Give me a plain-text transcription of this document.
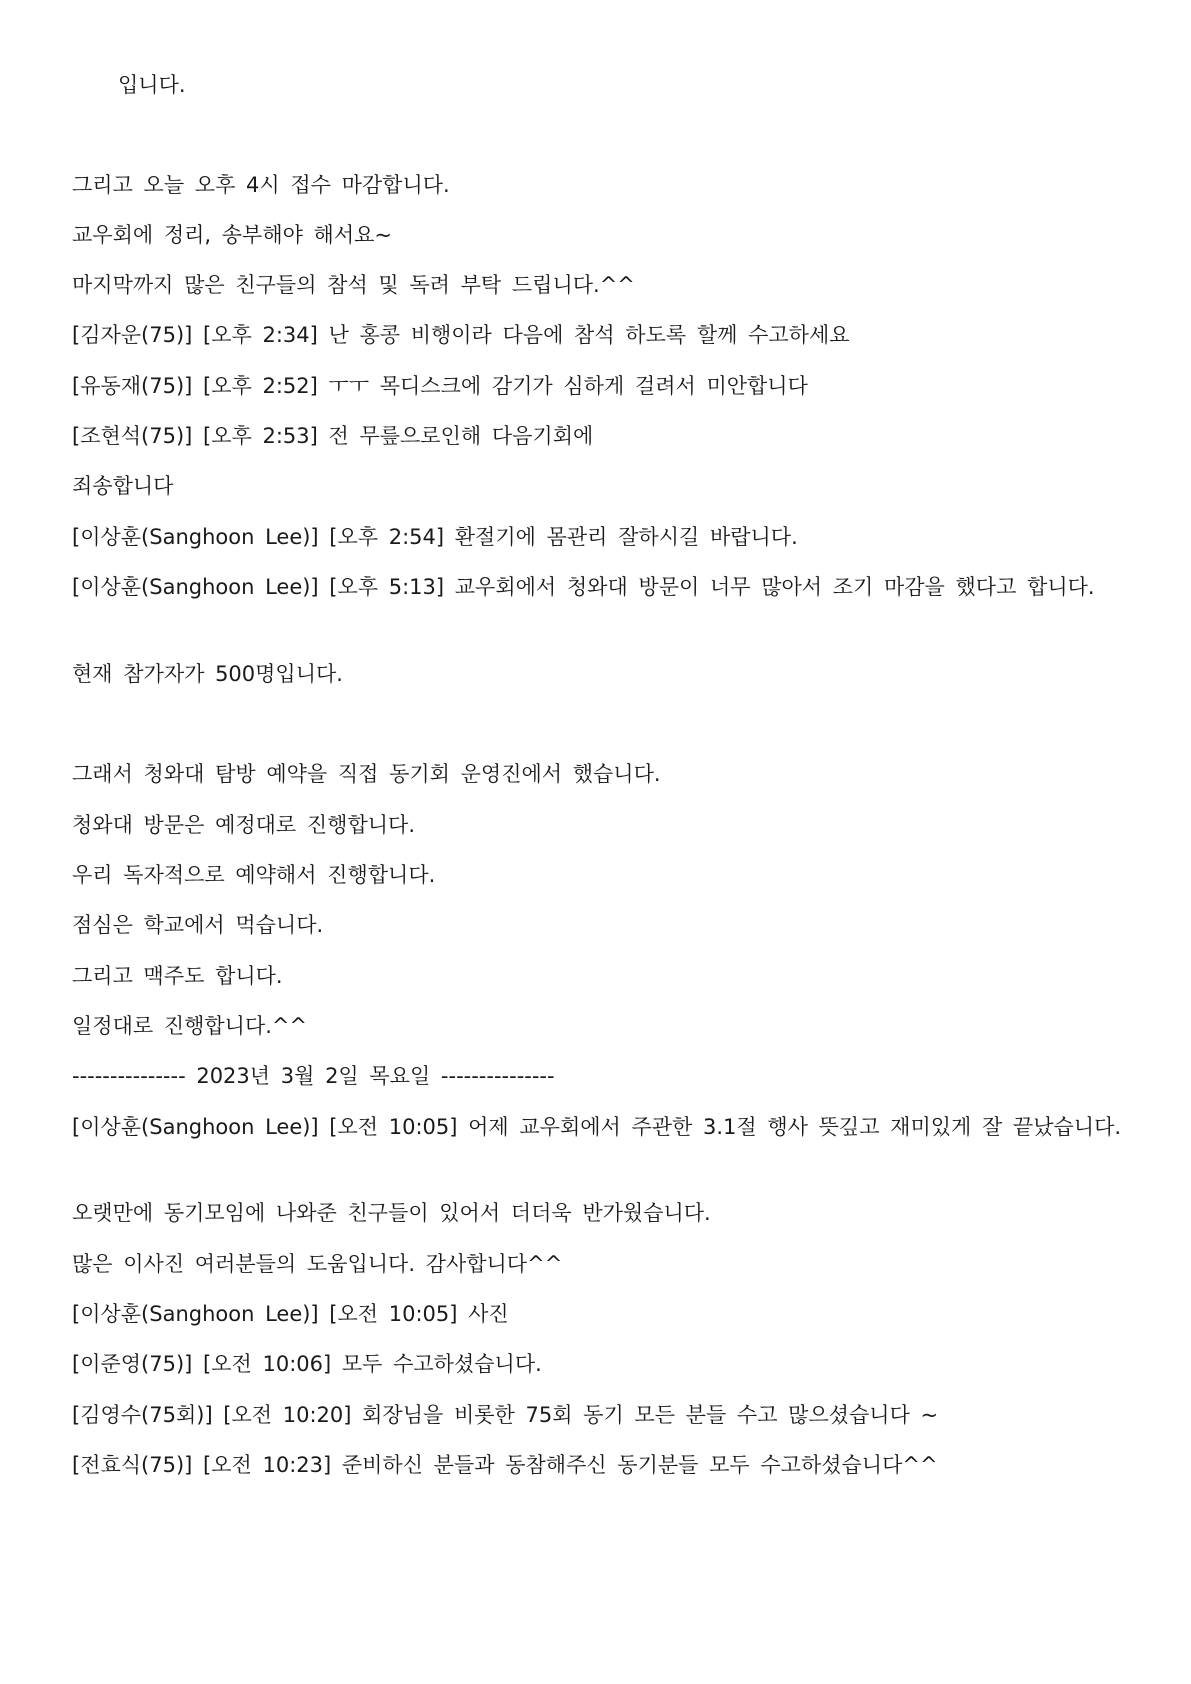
입니다.
그리고 오늘 오후 4시 접수 마감합니다.
교우회에 정리, 송부해야 해서요~
마지막까지 많은 친구들의 참석 및 독려 부탁 드립니다.^^
[김자운(75)] [오후 2:34] 난 홍콩 비행이라 다음에 참석 하도록 할께 수고하세요
[유동재(75)] [오후 2:52] ㅜㅜ 목디스크에 감기가 심하게 걸려서 미안합니다
[조현석(75)] [오후 2:53] 전 무릎으로인해 다음기회에
죄송합니다
[이상훈(Sanghoon Lee)] [오후 2:54] 환절기에 몸관리 잘하시길 바랍니다.
[이상훈(Sanghoon Lee)] [오후 5:13] 교우회에서 청와대 방문이 너무 많아서 조기 마감을 했다고 합니다.
현재 참가자가 500명입니다.
그래서 청와대 탐방 예약을 직접 동기회 운영진에서 했습니다.
청와대 방문은 예정대로 진행합니다.
우리 독자적으로 예약해서 진행합니다.
점심은 학교에서 먹습니다.
그리고 맥주도 합니다.
일정대로 진행합니다.^^
--------------- 2023년 3월 2일 목요일 ---------------
[이상훈(Sanghoon Lee)] [오전 10:05] 어제 교우회에서 주관한 3.1절 행사 뜻깊고 재미있게 잘 끝났습니다.
오랫만에 동기모임에 나와준 친구들이 있어서 더더욱 반가웠습니다.
많은 이사진 여러분들의 도움입니다. 감사합니다^^
[이상훈(Sanghoon Lee)] [오전 10:05] 사진
[이준영(75)] [오전 10:06] 모두 수고하셨습니다.
[김영수(75회)] [오전 10:20] 회장님을 비롯한 75회 동기 모든 분들 수고 많으셨습니다 ~
[전효식(75)] [오전 10:23] 준비하신 분들과 동참해주신 동기분들 모두 수고하셨습니다^^
